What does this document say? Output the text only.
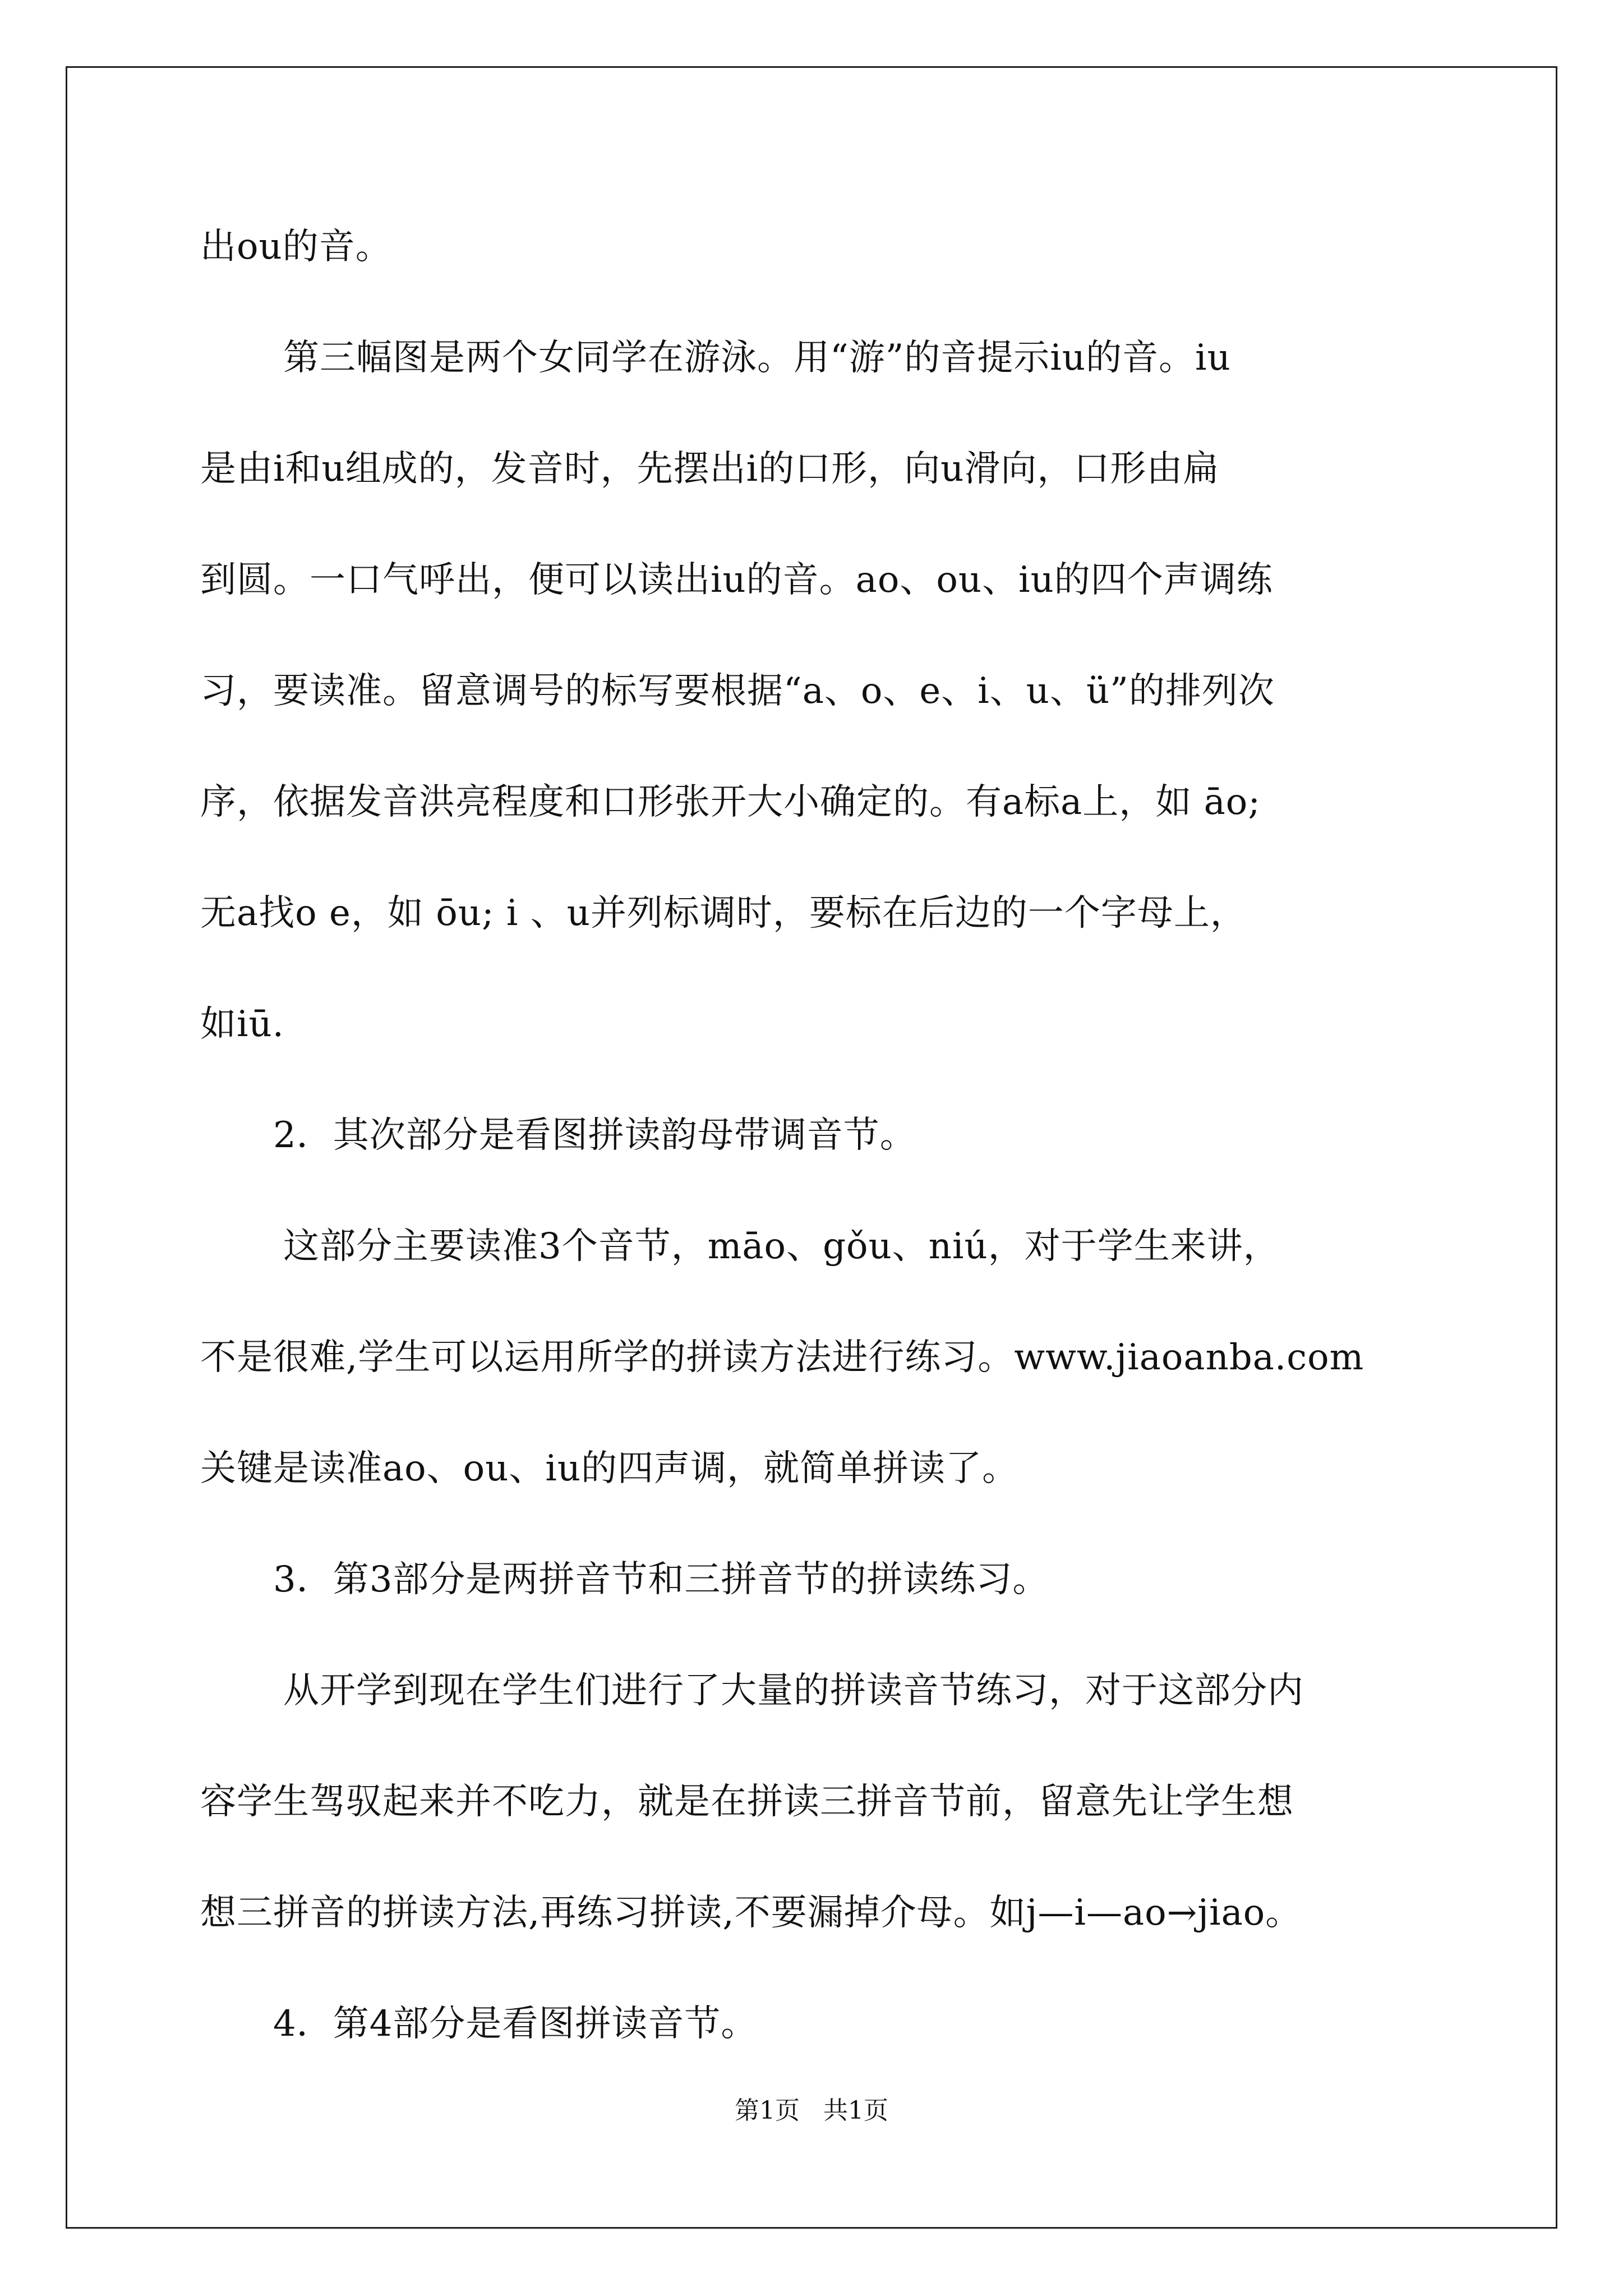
出ou的音。
第三幅图是两个女同学在游泳。用“游”的音提示iu的音。iu
是由i和u组成的，发音时，先摆出i的口形，向u滑向，口形由扁
到圆。一口气呼出，便可以读出iu的音。ao、ou、iu的四个声调练
习，要读准。留意调号的标写要根据“a、o、e、i、u、ü”的排列次
序，依据发音洪亮程度和口形张开大小确定的。有a标a上，如 āo;
无a找o e，如 ōu; i 、u并列标调时，要标在后边的一个字母上，
如iū.
2．其次部分是看图拼读韵母带调音节。
这部分主要读准3个音节，māo、gǒu、niú，对于学生来讲，
不是很难,学生可以运用所学的拼读方法进行练习。www.jiaoanba.com
关键是读准ao、ou、iu的四声调，就简单拼读了。
3．第3部分是两拼音节和三拼音节的拼读练习。
从开学到现在学生们进行了大量的拼读音节练习，对于这部分内
容学生驾驭起来并不吃力，就是在拼读三拼音节前，留意先让学生想
想三拼音的拼读方法,再练习拼读,不要漏掉介母。如j—i—ao→jiao。
4．第4部分是看图拼读音节。
第1页   共1页
